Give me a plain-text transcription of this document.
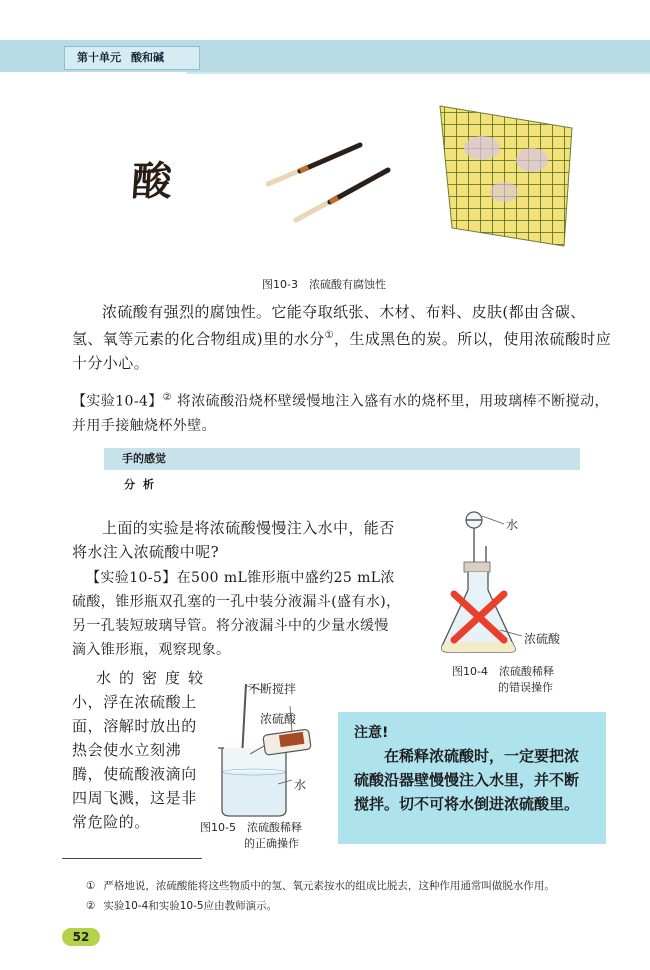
第十单元 酸和碱
酸
图10-3　浓硫酸有腐蚀性
浓硫酸有强烈的腐蚀性。它能夺取纸张、木材、布料、皮肤(都由含碳、氢、氧等元素的化合物组成)里的水分①，生成黑色的炭。所以，使用浓硫酸时应十分小心。
【实验10-4】② 将浓硫酸沿烧杯壁缓慢地注入盛有水的烧杯里，用玻璃棒不断搅动，并用手接触烧杯外壁。
手的感觉
分析
上面的实验是将浓硫酸慢慢注入水中，能否将水注入浓硫酸中呢?
【实验10-5】在500 mL锥形瓶中盛约25 mL浓硫酸，锥形瓶双孔塞的一孔中装分液漏斗(盛有水)，另一孔装短玻璃导管。将分液漏斗中的少量水缓慢滴入锥形瓶，观察现象。
水的密度较
小，浮在浓硫酸上
面，溶解时放出的
热会使水立刻沸
腾，使硫酸液滴向
四周飞溅，这是非
常危险的。
水
浓硫酸
图10-4　浓硫酸稀释
的错误操作
不断搅拌
浓硫酸
水
图10-5　浓硫酸稀释
的正确操作
注意!
在稀释浓硫酸时，一定要把浓硫酸沿器壁慢慢注入水里，并不断搅拌。切不可将水倒进浓硫酸里。
① 严格地说，浓硫酸能将这些物质中的氢、氧元素按水的组成比脱去，这种作用通常叫做脱水作用。
② 实验10-4和实验10-5应由教师演示。
52
